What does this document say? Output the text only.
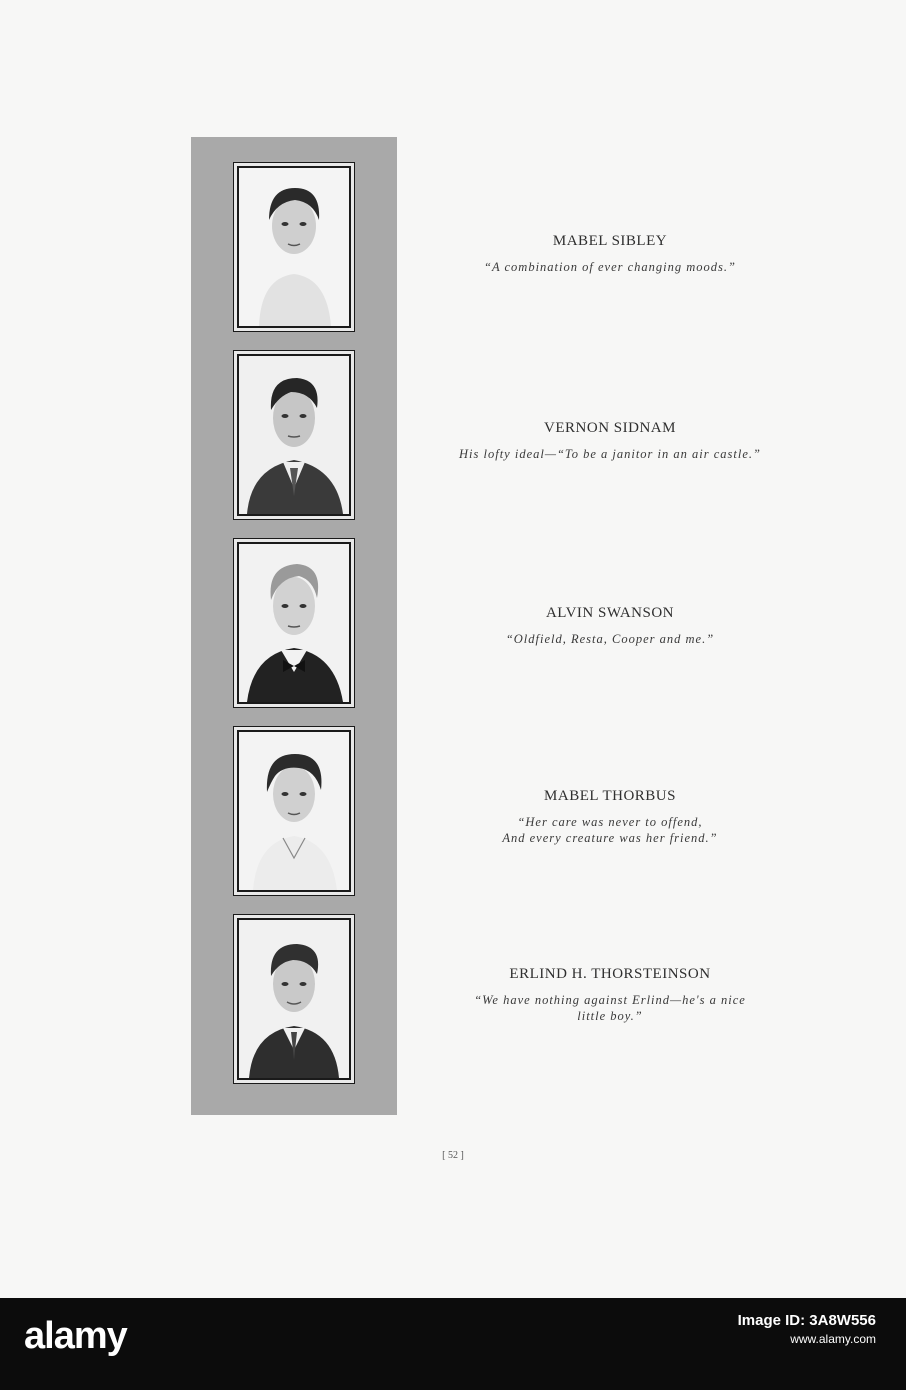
MABEL SIBLEY
“A combination of ever changing moods.”
VERNON SIDNAM
His lofty ideal—“To be a janitor in an air castle.”
ALVIN SWANSON
“Oldfield, Resta, Cooper and me.”
MABEL THORBUS
“Her care was never to offend,
And every creature was her friend.”
ERLIND H. THORSTEINSON
“We have nothing against Erlind—he's a nice
little boy.”
[ 52 ]
alamy	Image ID: 3A8W556
www.alamy.com
